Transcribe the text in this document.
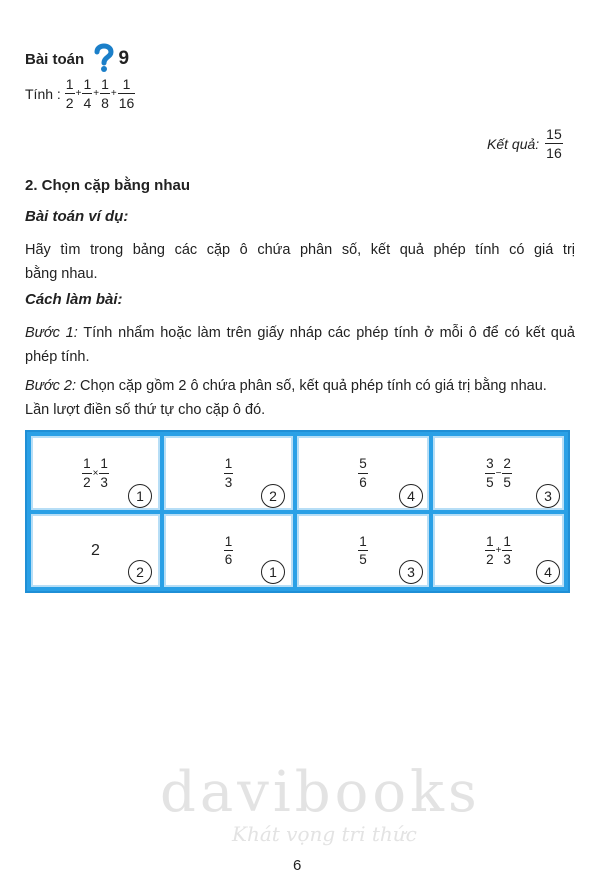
Bài toán 9
Tính : $\frac{1}{2} + \frac{1}{4} + \frac{1}{8} + \frac{1}{16}$
Kết quả: $\frac{15}{16}$
2. Chọn cặp bằng nhau
Bài toán ví dụ:
Hãy tìm trong bảng các cặp ô chứa phân số, kết quả phép tính có giá trị
bằng nhau.
Cách làm bài:
Bước 1: Tính nhẩm hoặc làm trên giấy nháp các phép tính ở mỗi ô để có kết quả
phép tính.
Bước 2: Chọn cặp gồm 2 ô chứa phân số, kết quả phép tính có giá trị bằng nhau.
Lần lượt điền số thứ tự cho cặp ô đó.
$\frac{1}{2} \times \frac{1}{3}$
1
$\frac{1}{3}$
2
$\frac{5}{6}$
4
$\frac{3}{5} - \frac{2}{5}$
3
2
2
$\frac{1}{6}$
1
$\frac{1}{5}$
3
$\frac{1}{2} + \frac{1}{3}$
4
davibooks
Khát vọng tri thức
6
